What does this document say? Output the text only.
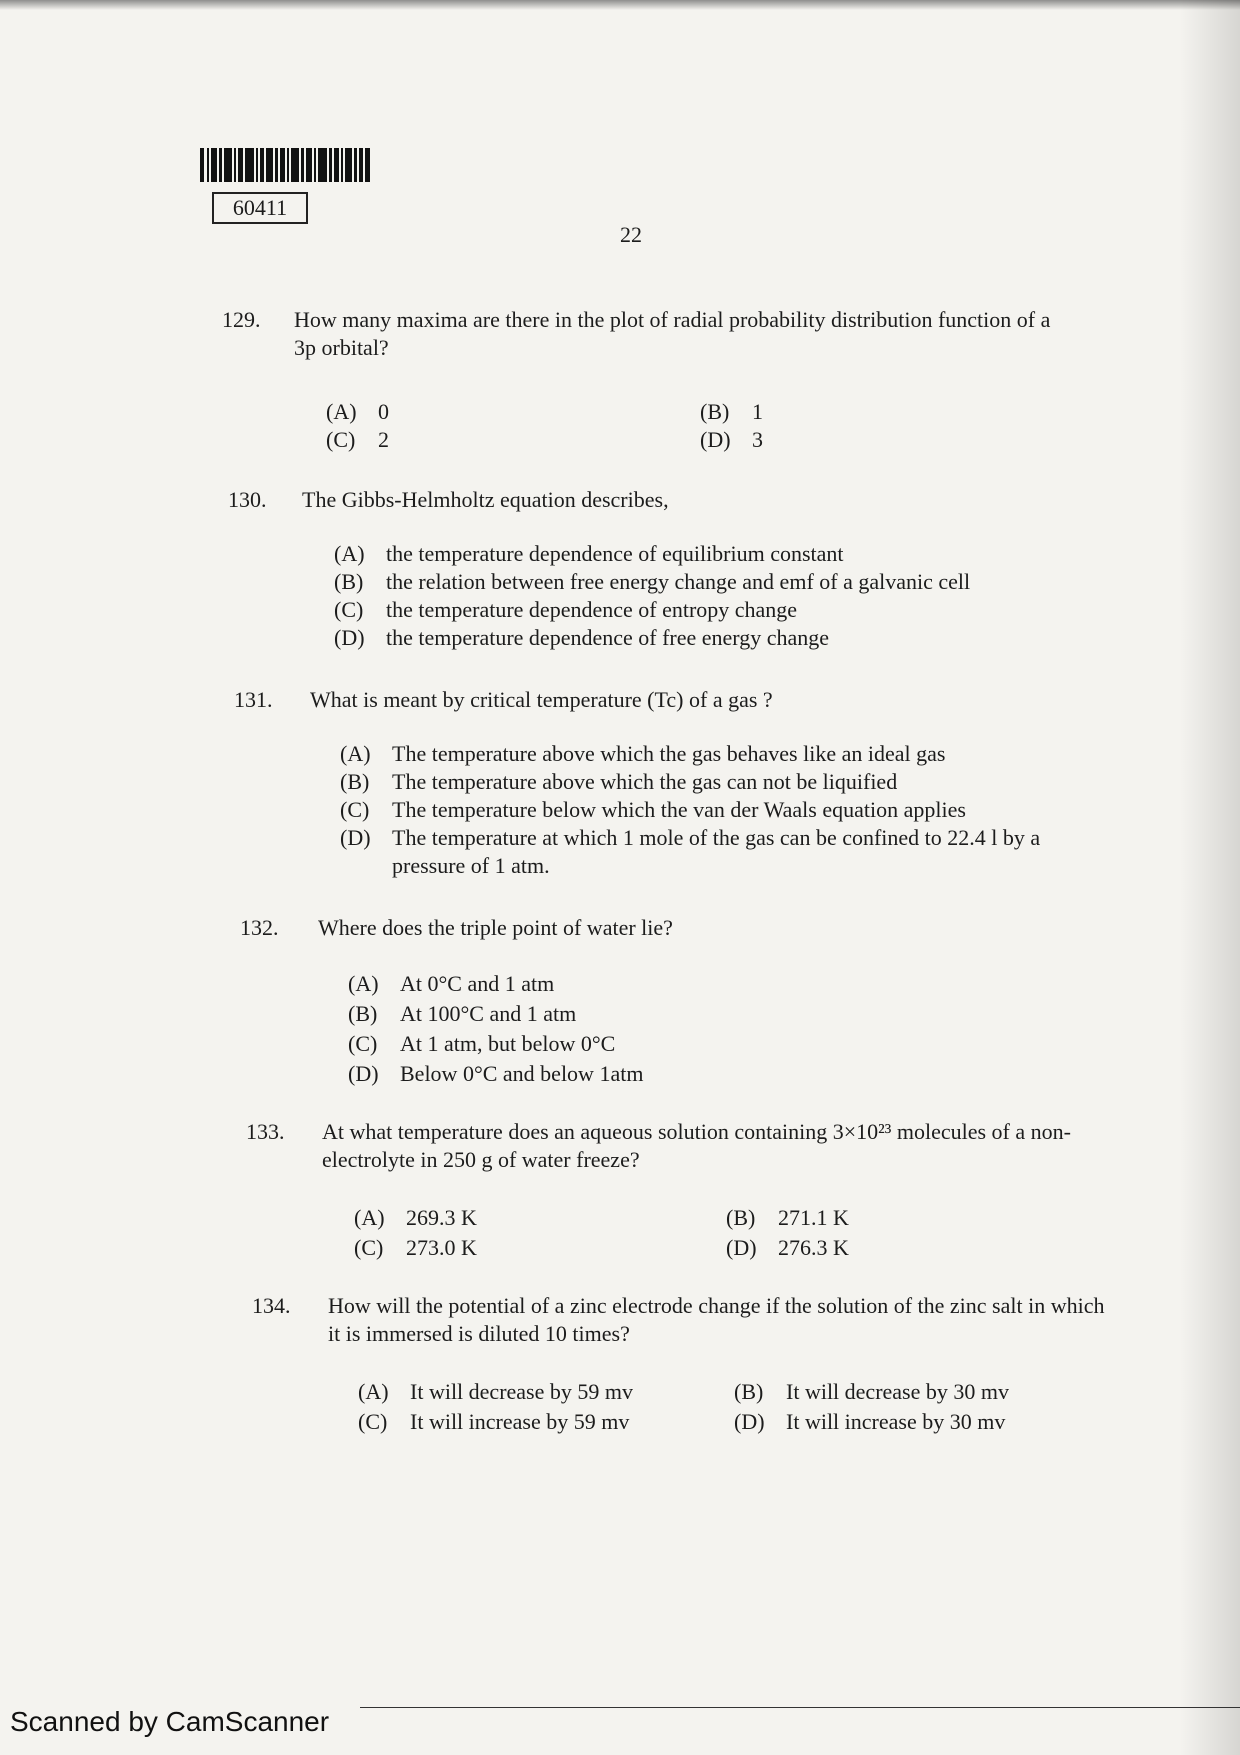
60411
22
129. How many maxima are there in the plot of radial probability distribution function of a 3p orbital?
(A) 0	(B) 1
(C) 2	(D) 3
130. The Gibbs-Helmholtz equation describes,
(A) the temperature dependence of equilibrium constant
(B) the relation between free energy change and emf of a galvanic cell
(C) the temperature dependence of entropy change
(D) the temperature dependence of free energy change
131. What is meant by critical temperature (Tc) of a gas ?
(A) The temperature above which the gas behaves like an ideal gas
(B) The temperature above which the gas can not be liquified
(C) The temperature below which the van der Waals equation applies
(D) The temperature at which 1 mole of the gas can be confined to 22.4 l by a pressure of 1 atm.
132. Where does the triple point of water lie?
(A) At 0°C and 1 atm
(B) At 100°C and 1 atm
(C) At 1 atm, but below 0°C
(D) Below 0°C and below 1atm
133. At what temperature does an aqueous solution containing 3×10²³ molecules of a non-electrolyte in 250 g of water freeze?
(A) 269.3 K	(B) 271.1 K
(C) 273.0 K	(D) 276.3 K
134. How will the potential of a zinc electrode change if the solution of the zinc salt in which it is immersed is diluted 10 times?
(A) It will decrease by 59 mv	(B) It will decrease by 30 mv
(C) It will increase by 59 mv	(D) It will increase by 30 mv
Scanned by CamScanner
